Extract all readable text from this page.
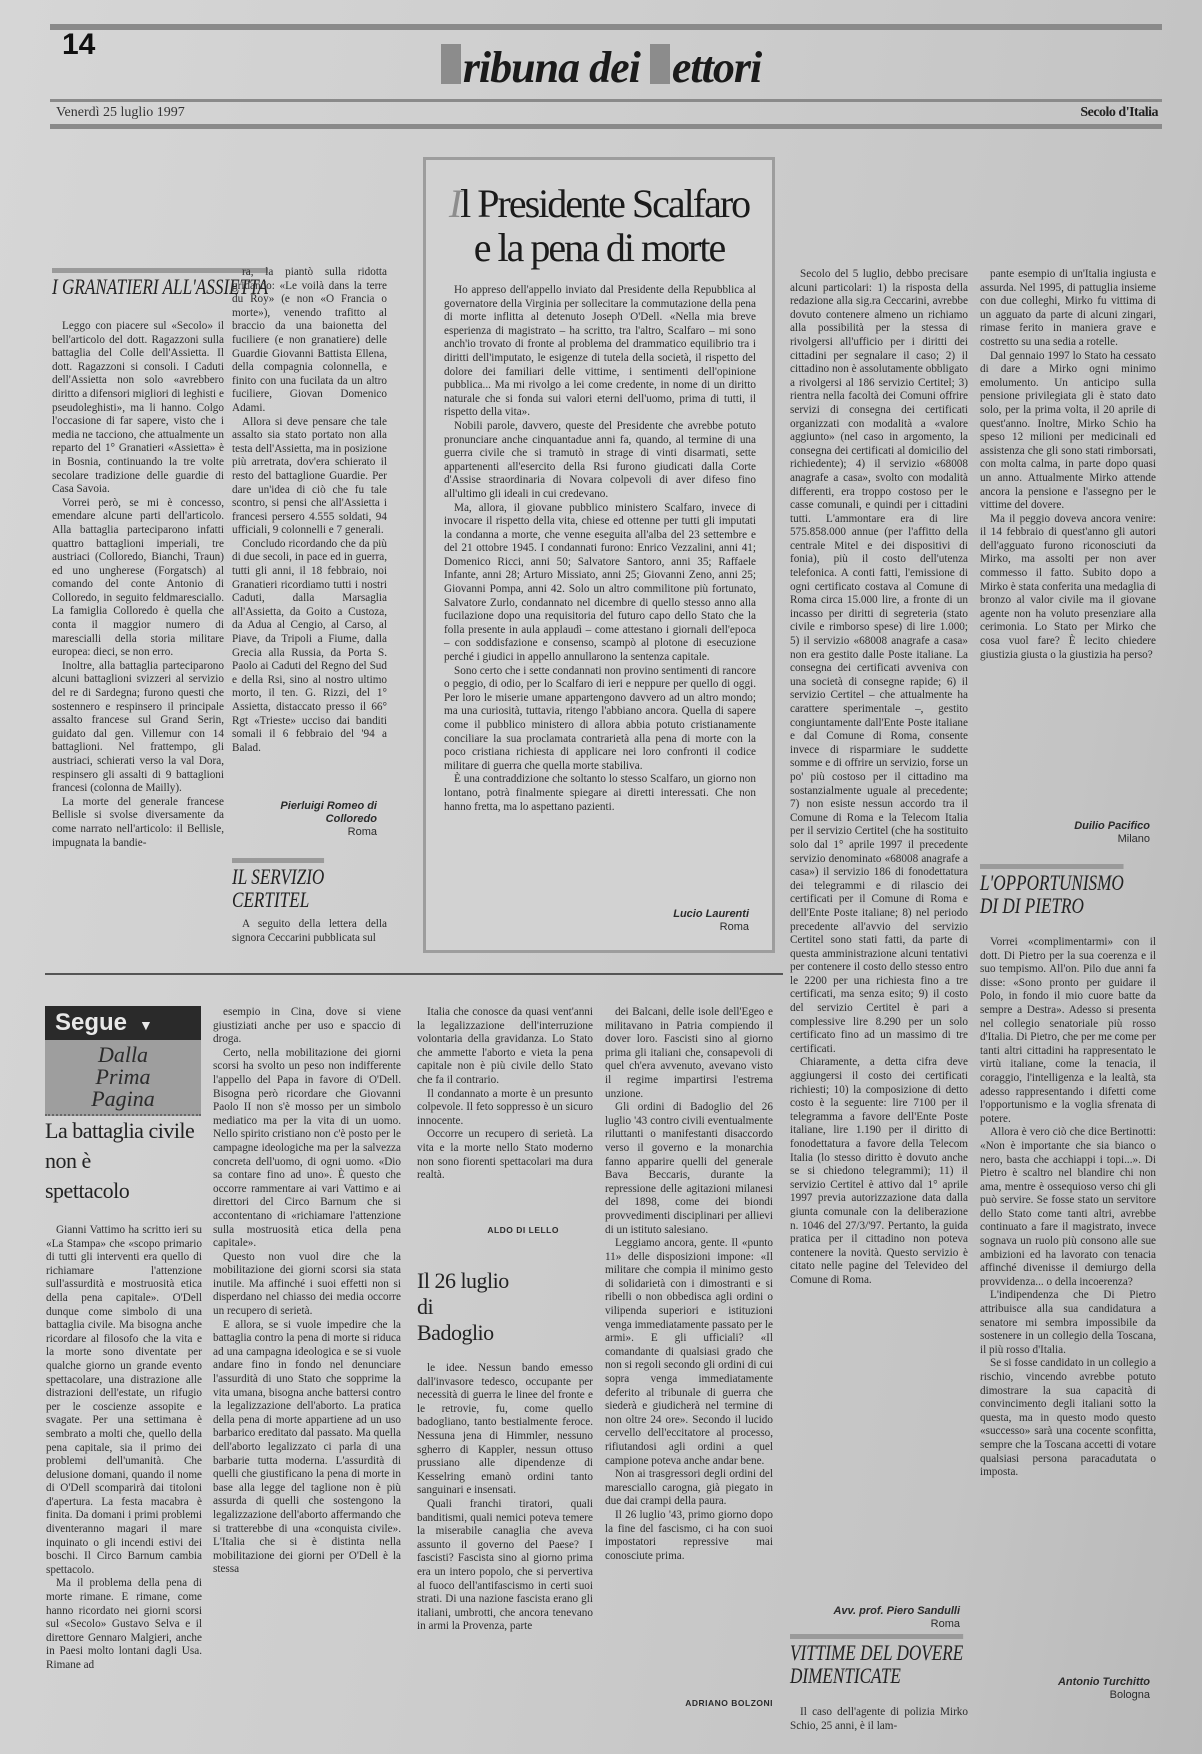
14	ribuna dei ettori
Venerdì 25 luglio 1997	Secolo d'Italia
I GRANATIERI ALL'ASSIETTA

Leggo con piacere sul «Secolo» il bell'articolo del dott. Ragazzoni sulla battaglia del Colle dell'Assietta. Il dott. Ragazzoni si consoli. I Caduti dell'Assietta non solo «avrebbero diritto a difensori migliori di leghisti e pseudoleghisti», ma li hanno. Colgo l'occasione di far sapere, visto che i media ne tacciono, che attualmente un reparto del 1° Granatieri «Assietta» è in Bosnia, continuando la tre volte secolare tradizione delle guardie di Casa Savoia.

Vorrei però, se mi è concesso, emendare alcune parti dell'articolo. Alla battaglia parteciparono infatti quattro battaglioni imperiali, tre austriaci (Colloredo, Bianchi, Traun) ed uno ungherese (Forgatsch) al comando del conte Antonio di Colloredo, in seguito feldmaresciallo. La famiglia Colloredo è quella che conta il maggior numero di marescialli della storia militare europea: dieci, se non erro.

Inoltre, alla battaglia parteciparono alcuni battaglioni svizzeri al servizio del re di Sardegna; furono questi che sostennero e respinsero il principale assalto francese sul Grand Serin, guidato dal gen. Villemur con 14 battaglioni. Nel frattempo, gli austriaci, schierati verso la val Dora, respinsero gli assalti di 9 battaglioni francesi (colonna de Mailly).

La morte del generale francese Bellisle si svolse diversamente da come narrato nell'articolo: il Bellisle, impugnata la bandie-

ra, la piantò sulla ridotta gridando: «Le voilà dans la terre du Roy» (e non «O Francia o morte»), venendo trafitto al braccio da una baionetta del fuciliere (e non granatiere) delle Guardie Giovanni Battista Ellena, della compagnia colonnella, e finito con una fucilata da un altro fuciliere, Giovan Domenico Adami.

Allora si deve pensare che tale assalto sia stato portato non alla testa dell'Assietta, ma in posizione più arretrata, dov'era schierato il resto del battaglione Guardie. Per dare un'idea di ciò che fu tale scontro, si pensi che all'Assietta i francesi persero 4.555 soldati, 94 ufficiali, 9 colonnelli e 7 generali.

Concludo ricordando che da più di due secoli, in pace ed in guerra, tutti gli anni, il 18 febbraio, noi Granatieri ricordiamo tutti i nostri Caduti, dalla Marsaglia all'Assietta, da Goito a Custoza, da Adua al Cengio, al Carso, al Piave, da Tripoli a Fiume, dalla Grecia alla Russia, da Porta S. Paolo ai Caduti del Regno del Sud e della Rsi, sino al nostro ultimo morto, il ten. G. Rizzi, del 1° Assietta, distaccato presso il 66° Rgt «Trieste» ucciso dai banditi somali il 6 febbraio del '94 a Balad.

Pierluigi Romeo di Colloredo
Roma
IL SERVIZIO
CERTITEL

A seguito della lettera della signora Ceccarini pubblicata sul

Secolo del 5 luglio, debbo precisare alcuni particolari: 1) la risposta della redazione alla sig.ra Ceccarini, avrebbe dovuto contenere almeno un richiamo alla possibilità per la stessa di rivolgersi all'ufficio per i diritti dei cittadini per segnalare il caso; 2) il cittadino non è assolutamente obbligato a rivolgersi al 186 servizio Certitel; 3) rientra nella facoltà dei Comuni offrire servizi di consegna dei certificati organizzati con modalità a «valore aggiunto» (nel caso in argomento, la consegna dei certificati al domicilio del richiedente); 4) il servizio «68008 anagrafe a casa», svolto con modalità differenti, era troppo costoso per le casse comunali, e quindi per i cittadini tutti. L'ammontare era di lire 575.858.000 annue (per l'affitto della centrale Mitel e dei dispositivi di fonia), più il costo dell'utenza telefonica. A conti fatti, l'emissione di ogni certificato costava al Comune di Roma circa 15.000 lire, a fronte di un incasso per diritti di segreteria (stato civile e rimborso spese) di lire 1.000; 5) il servizio «68008 anagrafe a casa» non era gestito dalle Poste italiane. La consegna dei certificati avveniva con una società di consegne rapide; 6) il servizio Certitel – che attualmente ha carattere sperimentale –, gestito congiuntamente dall'Ente Poste italiane e dal Comune di Roma, consente invece di risparmiare le suddette somme e di offrire un servizio, forse un po' più costoso per il cittadino ma sostanzialmente uguale al precedente; 7) non esiste nessun accordo tra il Comune di Roma e la Telecom Italia per il servizio Certitel (che ha sostituito solo dal 1° aprile 1997 il precedente servizio denominato «68008 anagrafe a casa») il servizio 186 di fonodettatura dei telegrammi e di rilascio dei certificati per il Comune di Roma e dell'Ente Poste italiane; 8) nel periodo precedente all'avvio del servizio Certitel sono stati fatti, da parte di questa amministrazione alcuni tentativi per contenere il costo dello stesso entro le 2200 per una richiesta fino a tre certificati, ma senza esito; 9) il costo del servizio Certitel è pari a complessive lire 8.290 per un solo certificato fino ad un massimo di tre certificati.

Chiaramente, a detta cifra deve aggiungersi il costo dei certificati richiesti; 10) la composizione di detto costo è la seguente: lire 7100 per il telegramma a favore dell'Ente Poste italiane, lire 1.190 per il diritto di fonodettatura a favore della Telecom Italia (lo stesso diritto è dovuto anche se si chiedono telegrammi); 11) il servizio Certitel è attivo dal 1° aprile 1997 previa autorizzazione data dalla giunta comunale con la deliberazione n. 1046 del 27/3/'97. Pertanto, la guida pratica per il cittadino non poteva contenere la novità. Questo servizio è citato nelle pagine del Televideo del Comune di Roma.

Avv. prof. Piero Sandulli
Roma
Il Presidente Scalfaro
e la pena di morte

Ho appreso dell'appello inviato dal Presidente della Repubblica al governatore della Virginia per sollecitare la commutazione della pena di morte inflitta al detenuto Joseph O'Dell. «Nella mia breve esperienza di magistrato – ha scritto, tra l'altro, Scalfaro – mi sono anch'io trovato di fronte al problema del drammatico equilibrio tra i diritti dell'imputato, le esigenze di tutela della società, il rispetto del dolore dei familiari delle vittime, i sentimenti dell'opinione pubblica... Ma mi rivolgo a lei come credente, in nome di un diritto naturale che si fonda sui valori eterni dell'uomo, prima di tutti, il rispetto della vita».

Nobili parole, davvero, queste del Presidente che avrebbe potuto pronunciare anche cinquantadue anni fa, quando, al termine di una guerra civile che si tramutò in strage di vinti disarmati, sette appartenenti all'esercito della Rsi furono giudicati dalla Corte d'Assise straordinaria di Novara colpevoli di aver difeso fino all'ultimo gli ideali in cui credevano.

Ma, allora, il giovane pubblico ministero Scalfaro, invece di invocare il rispetto della vita, chiese ed ottenne per tutti gli imputati la condanna a morte, che venne eseguita all'alba del 23 settembre e del 21 ottobre 1945. I condannati furono: Enrico Vezzalini, anni 41; Domenico Ricci, anni 50; Salvatore Santoro, anni 35; Raffaele Infante, anni 28; Arturo Missiato, anni 25; Giovanni Zeno, anni 25; Giovanni Pompa, anni 42. Solo un altro commilitone più fortunato, Salvatore Zurlo, condannato nel dicembre di quello stesso anno alla fucilazione dopo una requisitoria del futuro capo dello Stato che la folla presente in aula applaudì – come attestano i giornali dell'epoca – con soddisfazione e consenso, scampò al plotone di esecuzione perché i giudici in appello annullarono la sentenza capitale.

Sono certo che i sette condannati non provino sentimenti di rancore o peggio, di odio, per lo Scalfaro di ieri e neppure per quello di oggi. Per loro le miserie umane appartengono davvero ad un altro mondo; ma una curiosità, tuttavia, ritengo l'abbiano ancora. Quella di sapere come il pubblico ministero di allora abbia potuto cristianamente conciliare la sua proclamata contrarietà alla pena di morte con la poco cristiana richiesta di applicare nei loro confronti il codice militare di guerra che quella morte stabiliva.

È una contraddizione che soltanto lo stesso Scalfaro, un giorno non lontano, potrà finalmente spiegare ai diretti interessati. Che non hanno fretta, ma lo aspettano pazienti.

Lucio Laurenti
Roma

pante esempio di un'Italia ingiusta e assurda. Nel 1995, di pattuglia insieme con due colleghi, Mirko fu vittima di un agguato da parte di alcuni zingari, rimase ferito in maniera grave e costretto su una sedia a rotelle.

Dal gennaio 1997 lo Stato ha cessato di dare a Mirko ogni minimo emolumento. Un anticipo sulla pensione privilegiata gli è stato dato solo, per la prima volta, il 20 aprile di quest'anno. Inoltre, Mirko Schio ha speso 12 milioni per medicinali ed assistenza che gli sono stati rimborsati, con molta calma, in parte dopo quasi un anno. Attualmente Mirko attende ancora la pensione e l'assegno per le vittime del dovere.

Ma il peggio doveva ancora venire: il 14 febbraio di quest'anno gli autori dell'agguato furono riconosciuti da Mirko, ma assolti per non aver commesso il fatto. Subito dopo a Mirko è stata conferita una medaglia di bronzo al valor civile ma il giovane agente non ha voluto presenziare alla cerimonia. Lo Stato per Mirko che cosa vuol fare? È lecito chiedere giustizia giusta o la giustizia ha perso?

Duilio Pacifico
Milano
VITTIME DEL DOVERE
DIMENTICATE

Il caso dell'agente di polizia Mirko Schio, 25 anni, è il lam-

L'OPPORTUNISMO
DI DI PIETRO

Vorrei «complimentarmi» con il dott. Di Pietro per la sua coerenza e il suo tempismo. All'on. Pilo due anni fa disse: «Sono pronto per guidare il Polo, in fondo il mio cuore batte da sempre a Destra». Adesso si presenta nel collegio senatoriale più rosso d'Italia. Di Pietro, che per me come per tanti altri cittadini ha rappresentato le virtù italiane, come la tenacia, il coraggio, l'intelligenza e la lealtà, sta adesso rappresentando i difetti come l'opportunismo e la voglia sfrenata di potere.

Allora è vero ciò che dice Bertinotti: «Non è importante che sia bianco o nero, basta che acchiappi i topi...». Di Pietro è scaltro nel blandire chi non ama, mentre è ossequioso verso chi gli può servire. Se fosse stato un servitore dello Stato come tanti altri, avrebbe continuato a fare il magistrato, invece sognava un ruolo più consono alle sue ambizioni ed ha lavorato con tenacia affinché divenisse il demiurgo della provvidenza... o della incoerenza?

L'indipendenza che Di Pietro attribuisce alla sua candidatura a senatore mi sembra impossibile da sostenere in un collegio della Toscana, il più rosso d'Italia.

Se si fosse candidato in un collegio a rischio, vincendo avrebbe potuto dimostrare la sua capacità di convincimento degli italiani sotto la questa, ma in questo modo questo «successo» sarà una cocente sconfitta, sempre che la Toscana accetti di votare qualsiasi persona paracadutata o imposta.

Antonio Turchitto
Bologna
Segue ▼
Dalla
Prima
Pagina
La battaglia civile
non è
spettacolo

Gianni Vattimo ha scritto ieri su «La Stampa» che «scopo primario di tutti gli interventi era quello di richiamare l'attenzione sull'assurdità e mostruosità etica della pena capitale». O'Dell dunque come simbolo di una battaglia civile. Ma bisogna anche ricordare al filosofo che la vita e la morte sono diventate per qualche giorno un grande evento spettacolare, una distrazione alle distrazioni dell'estate, un rifugio per le coscienze assopite e svagate. Per una settimana è sembrato a molti che, quello della pena capitale, sia il primo dei problemi dell'umanità. Che delusione domani, quando il nome di O'Dell scomparirà dai titoloni d'apertura. La festa macabra è finita. Da domani i primi problemi diventeranno magari il mare inquinato o gli incendi estivi dei boschi. Il Circo Barnum cambia spettacolo.

Ma il problema della pena di morte rimane. E rimane, come hanno ricordato nei giorni scorsi sul «Secolo» Gustavo Selva e il direttore Gennaro Malgieri, anche in Paesi molto lontani dagli Usa. Rimane ad

esempio in Cina, dove si viene giustiziati anche per uso e spaccio di droga.

Certo, nella mobilitazione dei giorni scorsi ha svolto un peso non indifferente l'appello del Papa in favore di O'Dell. Bisogna però ricordare che Giovanni Paolo II non s'è mosso per un simbolo mediatico ma per la vita di un uomo. Nello spirito cristiano non c'è posto per le campagne ideologiche ma per la salvezza concreta dell'uomo, di ogni uomo. «Dio sa contare fino ad uno». È questo che occorre rammentare ai vari Vattimo e ai direttori del Circo Barnum che si accontentano di «richiamare l'attenzione sulla mostruosità etica della pena capitale».

Questo non vuol dire che la mobilitazione dei giorni scorsi sia stata inutile. Ma affinché i suoi effetti non si disperdano nel chiasso dei media occorre un recupero di serietà.

E allora, se si vuole impedire che la battaglia contro la pena di morte si riduca ad una campagna ideologica e se si vuole andare fino in fondo nel denunciare l'assurdità di uno Stato che sopprime la vita umana, bisogna anche battersi contro la legalizzazione dell'aborto. La pratica della pena di morte appartiene ad un uso barbarico ereditato dal passato. Ma quella dell'aborto legalizzato ci parla di una barbarie tutta moderna. L'assurdità di quelli che giustificano la pena di morte in base alla legge del taglione non è più assurda di quelli che sostengono la legalizzazione dell'aborto affermando che si tratterebbe di una «conquista civile». L'Italia che si è distinta nella mobilitazione dei giorni per O'Dell è la stessa

Italia che conosce da quasi vent'anni la legalizzazione dell'interruzione volontaria della gravidanza. Lo Stato che ammette l'aborto e vieta la pena capitale non è più civile dello Stato che fa il contrario.

Il condannato a morte è un presunto colpevole. Il feto soppresso è un sicuro innocente.

Occorre un recupero di serietà. La vita e la morte nello Stato moderno non sono fiorenti spettacolari ma dura realtà.

ALDO DI LELLO
Il 26 luglio
di
Badoglio

le idee. Nessun bando emesso dall'invasore tedesco, occupante per necessità di guerra le linee del fronte e le retrovie, fu, come quello badogliano, tanto bestialmente feroce. Nessuna jena di Himmler, nessuno sgherro di Kappler, nessun ottuso prussiano alle dipendenze di Kesselring emanò ordini tanto sanguinari e insensati.

Quali franchi tiratori, quali banditismi, quali nemici poteva temere la miserabile canaglia che aveva assunto il governo del Paese? I fascisti? Fascista sino al giorno prima era un intero popolo, che si pervertiva al fuoco dell'antifascismo in certi suoi strati. Di una nazione fascista erano gli italiani, umbrotti, che ancora tenevano in armi la Provenza, parte

dei Balcani, delle isole dell'Egeo e militavano in Patria compiendo il dover loro. Fascisti sino al giorno prima gli italiani che, consapevoli di quel ch'era avvenuto, avevano visto il regime impartirsi l'estrema unzione.

Gli ordini di Badoglio del 26 luglio '43 contro civili eventualmente riluttanti o manifestanti disaccordo verso il governo e la monarchia fanno apparire quelli del generale Bava Beccaris, durante la repressione delle agitazioni milanesi del 1898, come dei biondi provvedimenti disciplinari per allievi di un istituto salesiano.

Leggiamo ancora, gente. Il «punto 11» delle disposizioni impone: «Il militare che compia il minimo gesto di solidarietà con i dimostranti e si ribelli o non obbedisca agli ordini o vilipenda superiori e istituzioni venga immediatamente passato per le armi». E gli ufficiali? «Il comandante di qualsiasi grado che non si regoli secondo gli ordini di cui sopra venga immediatamente deferito al tribunale di guerra che siederà e giudicherà nel termine di non oltre 24 ore». Secondo il lucido cervello dell'eccitatore al processo, rifiutandosi agli ordini a quel campione poteva anche andar bene.

Non ai trasgressori degli ordini del maresciallo carogna, già piegato in due dai crampi della paura.

Il 26 luglio '43, primo giorno dopo la fine del fascismo, ci ha con suoi impostatori repressive mai conosciute prima.

ADRIANO BOLZONI
